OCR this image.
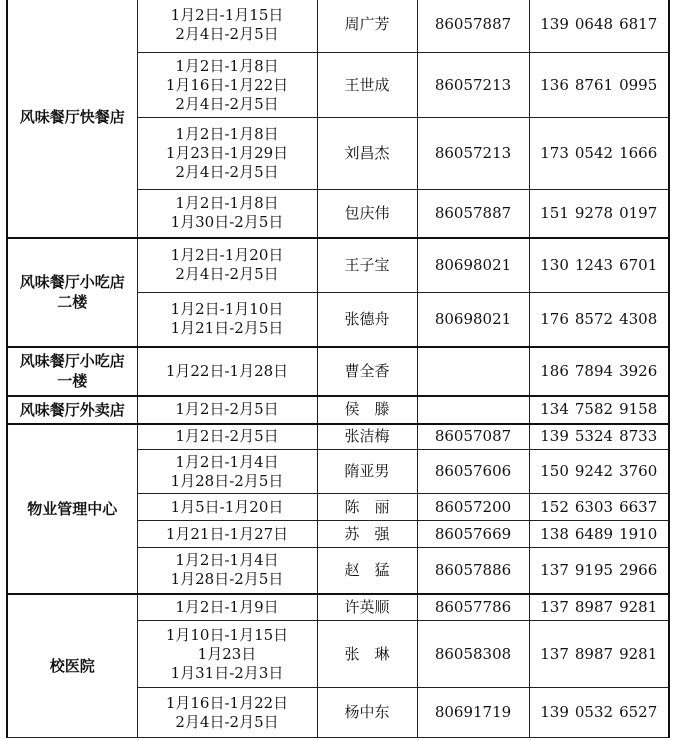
风味餐厅快餐店	1月2日-1月15日
2月4日-2月5日	周广芳	86057887	139 0648 6817

	1月2日-1月8日
1月16日-1月22日
2月4日-2月5日	王世成	86057213	136 8761 0995

	1月2日-1月8日
1月23日-1月29日
2月4日-2月5日	刘昌杰	86057213	173 0542 1666

	1月2日-1月8日
1月30日-2月5日	包庆伟	86057887	151 9278 0197

风味餐厅小吃店
二楼	1月2日-1月20日
2月4日-2月5日	王子宝	80698021	130 1243 6701

	1月2日-1月10日
1月21日-2月5日	张德舟	80698021	176 8572 4308

风味餐厅小吃店
一楼	1月22日-1月28日	曹全香		186 7894 3926

风味餐厅外卖店	1月2日-2月5日	侯　滕		134 7582 9158

物业管理中心	1月2日-2月5日	张洁梅	86057087	139 5324 8733

	1月2日-1月4日
1月28日-2月5日	隋亚男	86057606	150 9242 3760

	1月5日-1月20日	陈　丽	86057200	152 6303 6637

	1月21日-1月27日	苏　强	86057669	138 6489 1910

	1月2日-1月4日
1月28日-2月5日	赵　猛	86057886	137 9195 2966

校医院	1月2日-1月9日	许英顺	86057786	137 8987 9281

	1月10日-1月15日
1月23日
1月31日-2月3日	张　琳	86058308	137 8987 9281

	1月16日-1月22日
2月4日-2月5日	杨中东	80691719	139 0532 6527
